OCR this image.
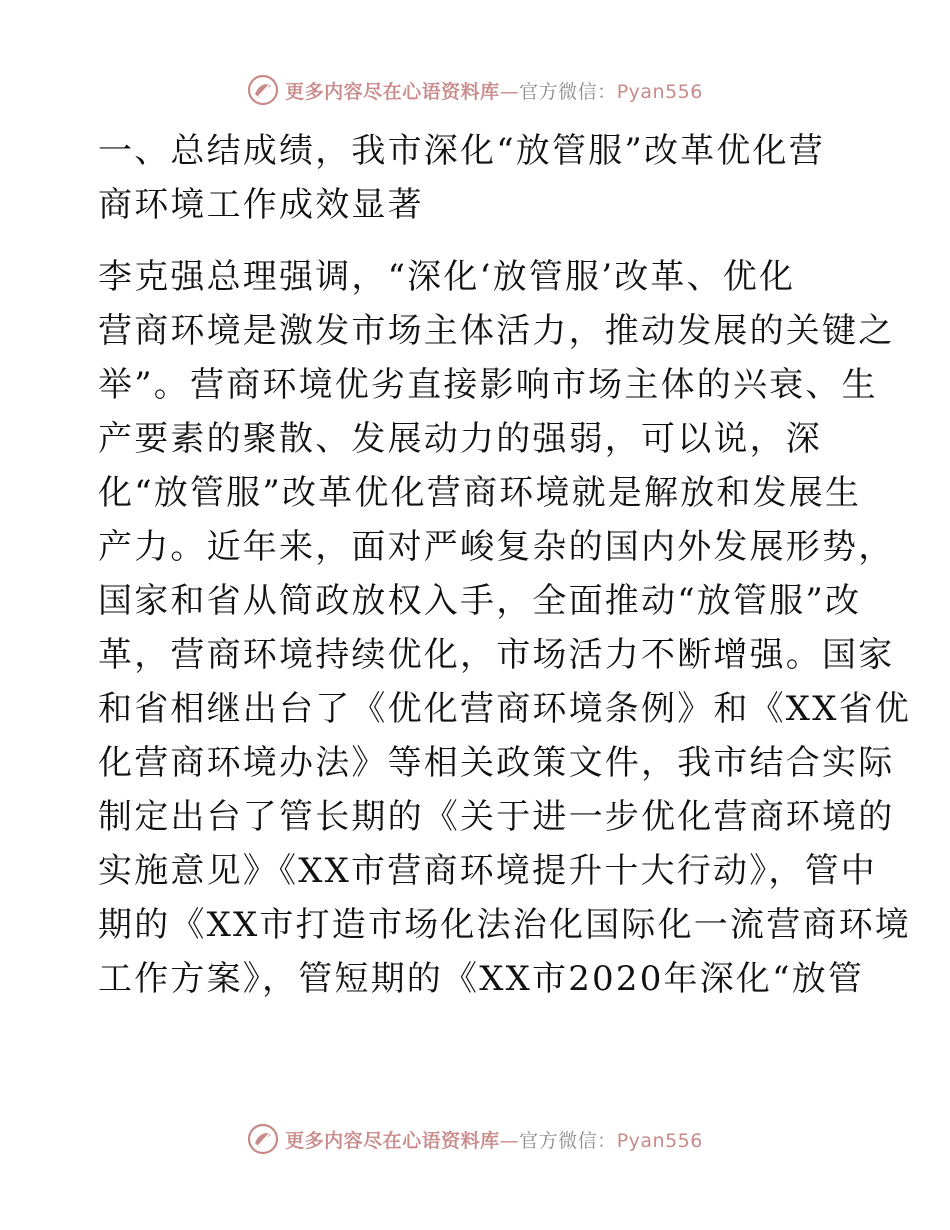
更多内容尽在心语资料库—官方微信：Pyan556
一、总结成绩，我市深化“放管服”改革优化营
商环境工作成效显著
李克强总理强调，“深化‘放管服’改革、优化
营商环境是激发市场主体活力，推动发展的关键之
举”。营商环境优劣直接影响市场主体的兴衰、生
产要素的聚散、发展动力的强弱，可以说，深
化“放管服”改革优化营商环境就是解放和发展生
产力。近年来，面对严峻复杂的国内外发展形势，
国家和省从简政放权入手，全面推动“放管服”改
革，营商环境持续优化，市场活力不断增强。国家
和省相继出台了《优化营商环境条例》和《XX省优
化营商环境办法》等相关政策文件，我市结合实际
制定出台了管长期的《关于进一步优化营商环境的
实施意见》《XX市营商环境提升十大行动》，管中
期的《XX市打造市场化法治化国际化一流营商环境
工作方案》，管短期的《XX市2020年深化“放管
更多内容尽在心语资料库—官方微信：Pyan556
